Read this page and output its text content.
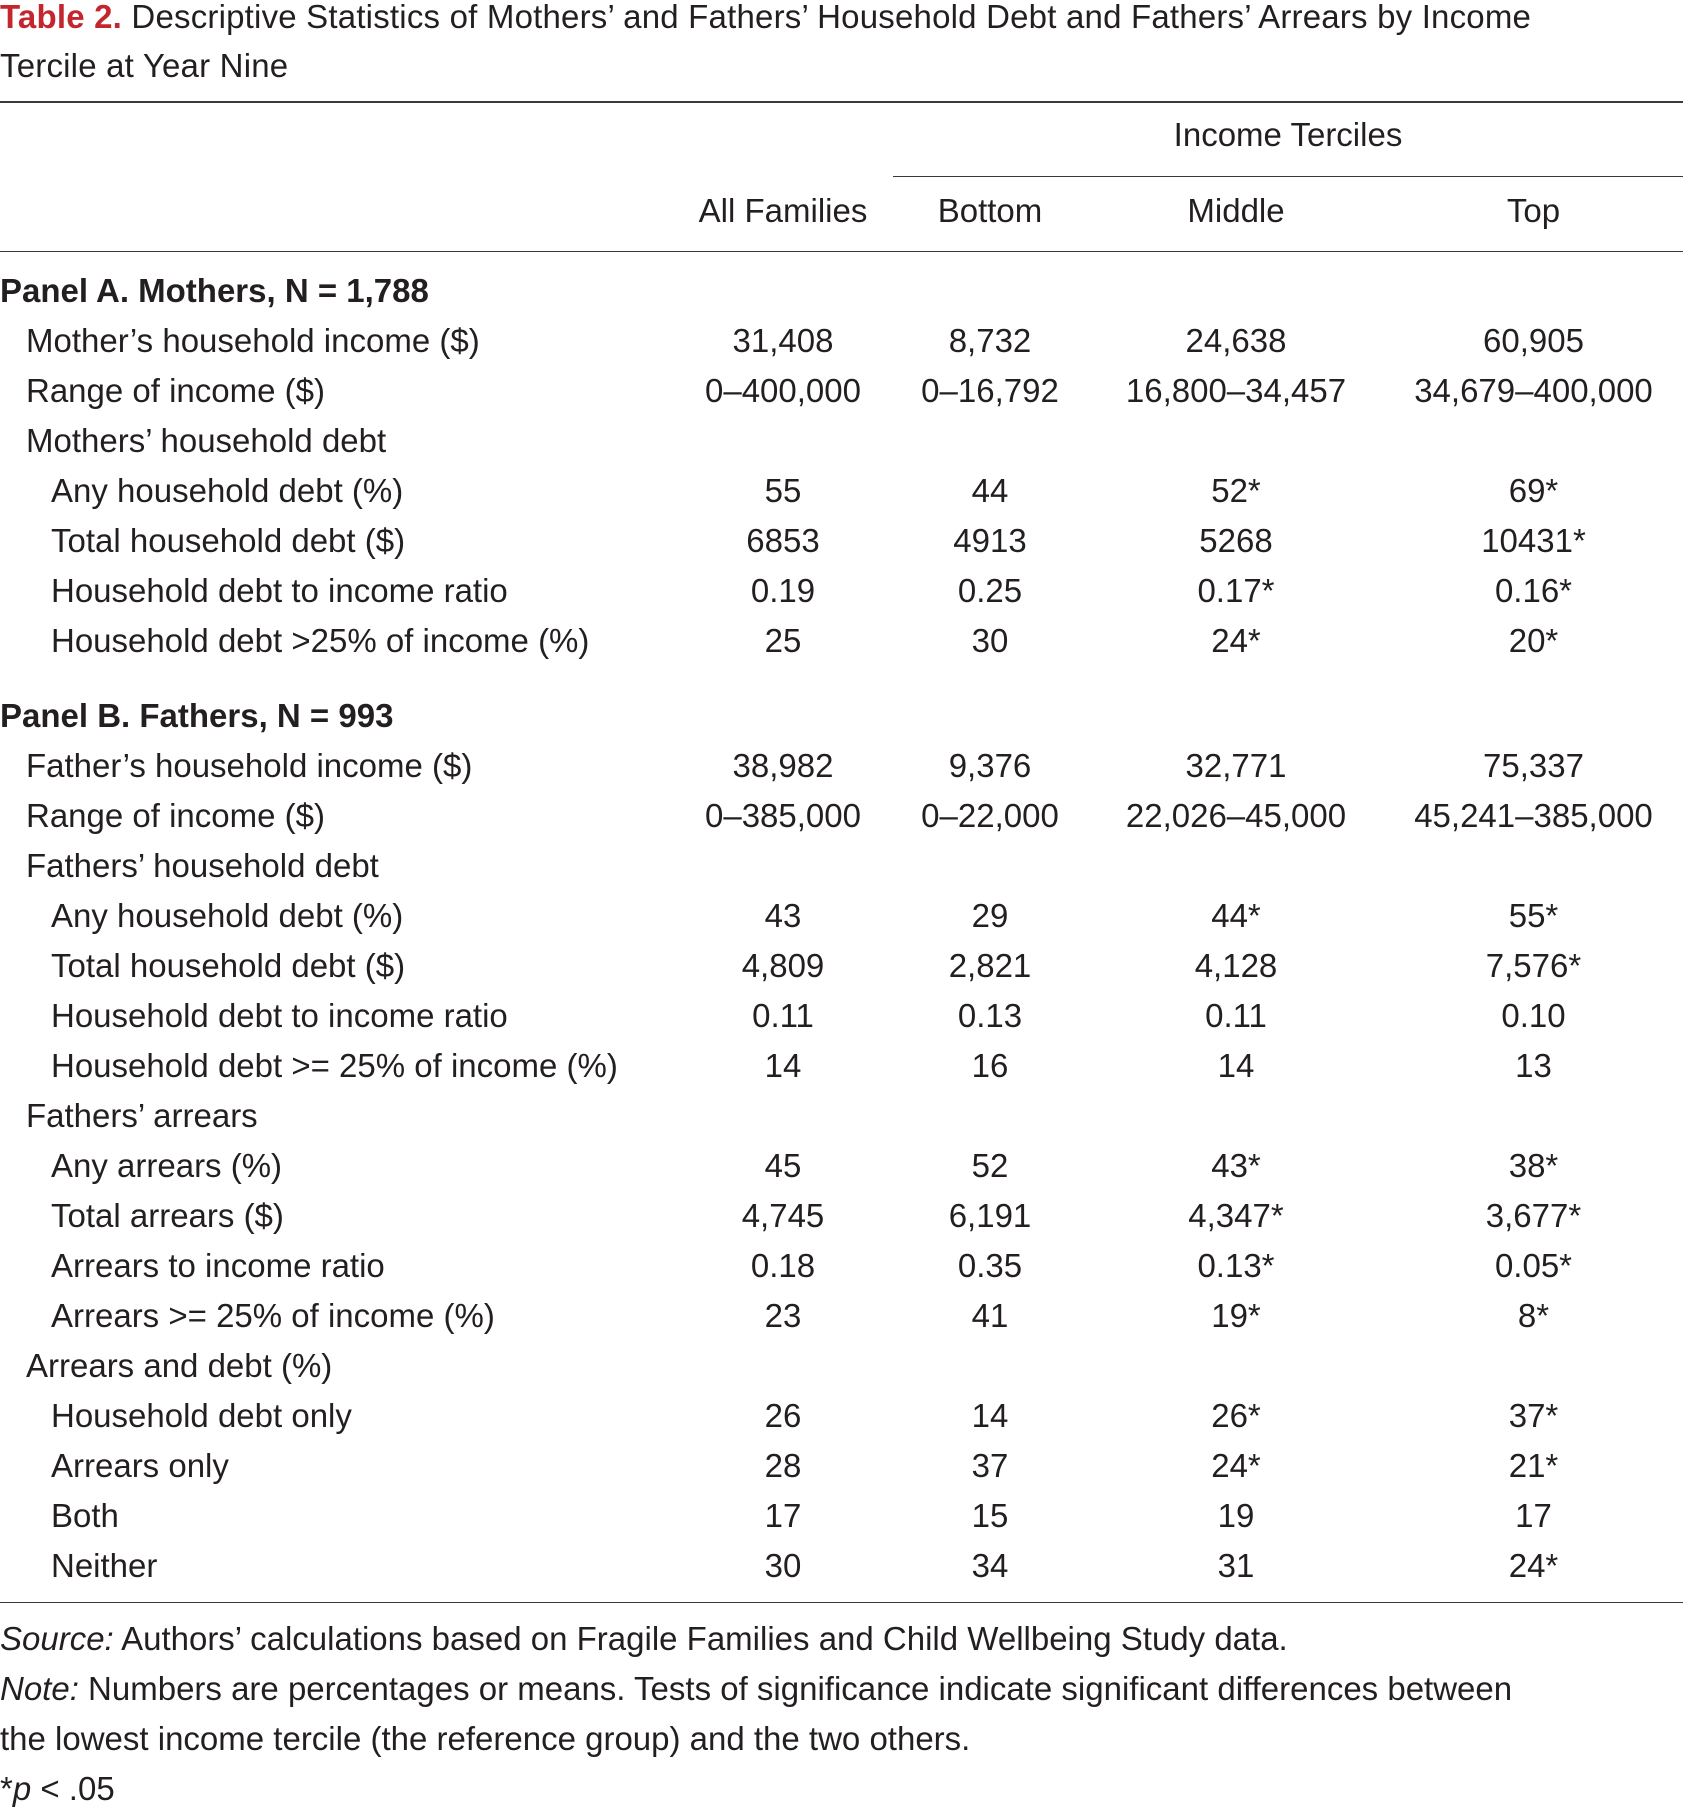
Table 2. Descriptive Statistics of Mothers’ and Fathers’ Household Debt and Fathers’ Arrears by Income
Tercile at Year Nine
Income Terciles
All Families	Bottom	Middle	Top
Panel A. Mothers, N = 1,788
Mother’s household income ($)	31,408	8,732	24,638	60,905
Range of income ($)	0–400,000	0–16,792	16,800–34,457	34,679–400,000
Mothers’ household debt
Any household debt (%)	55	44	52*	69*
Total household debt ($)	6853	4913	5268	10431*
Household debt to income ratio	0.19	0.25	0.17*	0.16*
Household debt >25% of income (%)	25	30	24*	20*
Panel B. Fathers, N = 993
Father’s household income ($)	38,982	9,376	32,771	75,337
Range of income ($)	0–385,000	0–22,000	22,026–45,000	45,241–385,000
Fathers’ household debt
Any household debt (%)	43	29	44*	55*
Total household debt ($)	4,809	2,821	4,128	7,576*
Household debt to income ratio	0.11	0.13	0.11	0.10
Household debt >= 25% of income (%)	14	16	14	13
Fathers’ arrears
Any arrears (%)	45	52	43*	38*
Total arrears ($)	4,745	6,191	4,347*	3,677*
Arrears to income ratio	0.18	0.35	0.13*	0.05*
Arrears >= 25% of income (%)	23	41	19*	8*
Arrears and debt (%)
Household debt only	26	14	26*	37*
Arrears only	28	37	24*	21*
Both	17	15	19	17
Neither	30	34	31	24*
Source: Authors’ calculations based on Fragile Families and Child Wellbeing Study data.
Note: Numbers are percentages or means. Tests of significance indicate significant differences between
the lowest income tercile (the reference group) and the two others.
*p < .05
